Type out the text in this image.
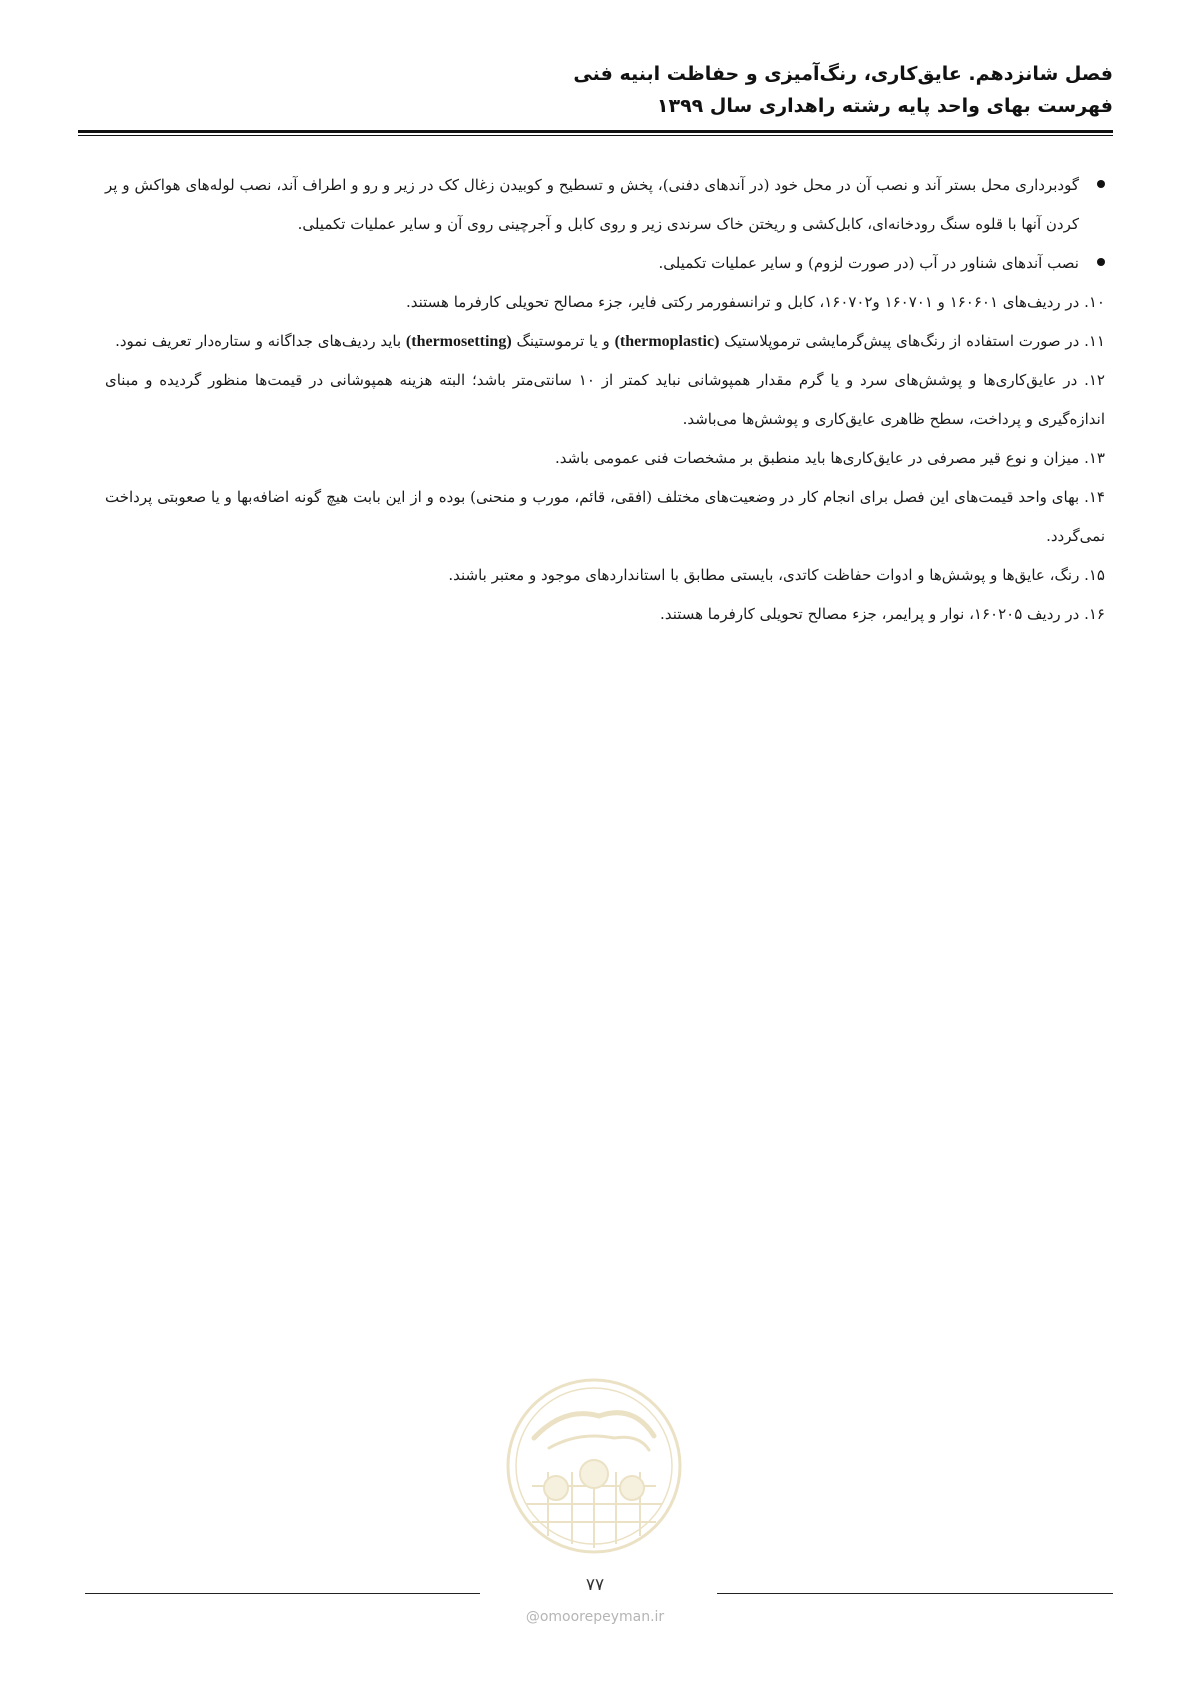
فصل شانزدهم. عایق‌کاری، رنگ‌آمیزی و حفاظت ابنیه فنی
فهرست بهای واحد پایه رشته راهداری سال ۱۳۹۹

گودبرداری محل بستر آند و نصب آن در محل خود (در آندهای دفنی)، پخش و تسطیح و کوبیدن زغال کک در زیر و رو و اطراف آند، نصب لوله‌های هواکش و پر کردن آنها با قلوه سنگ رودخانه‌ای، کابل‌کشی و ریختن خاک سرندی زیر و روی کابل و آجرچینی روی آن و سایر عملیات تکمیلی.

نصب آندهای شناور در آب (در صورت لزوم) و سایر عملیات تکمیلی.

۱۰. در ردیف‌های ۱۶۰۶۰۱ و ۱۶۰۷۰۱ و۱۶۰۷۰۲، کابل و ترانسفورمر رکتی فایر، جزء مصالح تحویلی کارفرما هستند.

۱۱. در صورت استفاده از رنگ‌های پیش‌گرمایشی ترموپلاستیک (thermoplastic) و یا ترموستینگ (thermosetting) باید ردیف‌های جداگانه و ستاره‌دار تعریف نمود.

۱۲. در عایق‌کاری‌ها و پوشش‌های سرد و یا گرم مقدار همپوشانی نباید کمتر از ۱۰ سانتی‌متر باشد؛ البته هزینه همپوشانی در قیمت‌ها منظور گردیده و مبنای اندازه‌گیری و پرداخت، سطح ظاهری عایق‌کاری و پوشش‌ها می‌باشد.

۱۳. میزان و نوع قیر مصرفی در عایق‌کاری‌ها باید منطبق بر مشخصات فنی عمومی باشد.

۱۴. بهای واحد قیمت‌های این فصل برای انجام کار در وضعیت‌های مختلف (افقی، قائم، مورب و منحنی) بوده و از این بابت هیچ گونه اضافه‌بها و یا صعوبتی پرداخت نمی‌گردد.

۱۵. رنگ، عایق‌ها و پوشش‌ها و ادوات حفاظت کاتدی، بایستی مطابق با استانداردهای موجود و معتبر باشند.

۱۶. در ردیف ۱۶۰۲۰۵، نوار و پرایمر، جزء مصالح تحویلی کارفرما هستند.

۷۷
@omoorepeyman.ir
